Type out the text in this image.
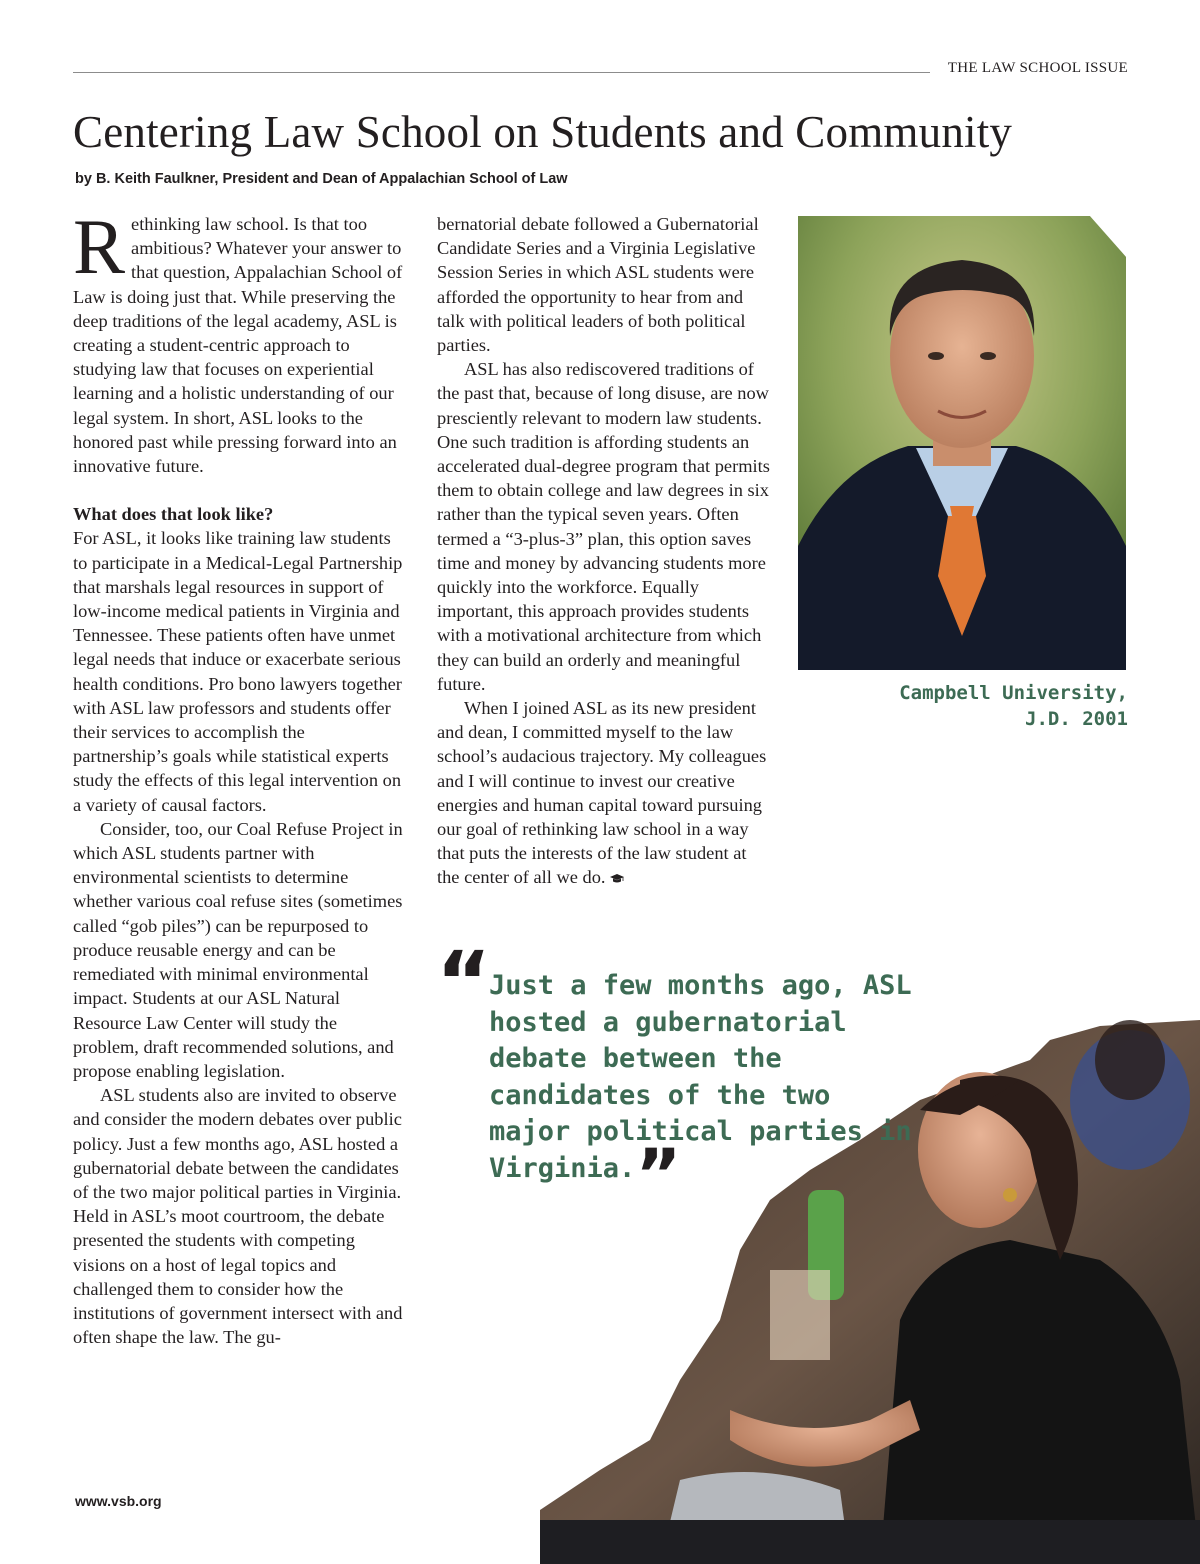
THE LAW SCHOOL ISSUE
Centering Law School on Students and Community
by B. Keith Faulkner, President and Dean of Appalachian School of Law

Rethinking law school. Is that too ambitious? Whatever your answer to that question, Appalachian School of Law is doing just that. While preserving the deep traditions of the legal academy, ASL is creating a student-centric approach to studying law that focuses on experiential learning and a holistic understanding of our legal system. In short, ASL looks to the honored past while pressing forward into an innovative future.

What does that look like?

For ASL, it looks like training law students to participate in a Medical-Legal Partnership that marshals legal resources in support of low-income medical patients in Virginia and Tennessee. These patients often have unmet legal needs that induce or exacerbate serious health conditions. Pro bono lawyers together with ASL law professors and students offer their services to accomplish the partnership’s goals while statistical experts study the effects of this legal intervention on a variety of causal factors.

Consider, too, our Coal Refuse Project in which ASL students partner with environmental scientists to determine whether various coal refuse sites (sometimes called “gob piles”) can be repurposed to produce reusable energy and can be remediated with minimal environmental impact. Students at our ASL Natural Resource Law Center will study the problem, draft recommended solutions, and propose enabling legislation.

ASL students also are invited to observe and consider the modern debates over public policy. Just a few months ago, ASL hosted a gubernatorial debate between the candidates of the two major political parties in Virginia. Held in ASL’s moot courtroom, the debate presented the students with competing visions on a host of legal topics and challenged them to consider how the institutions of government intersect with and often shape the law. The gu-

bernatorial debate followed a Gubernatorial Candidate Series and a Virginia Legislative Session Series in which ASL students were afforded the opportunity to hear from and talk with political leaders of both political parties.

ASL has also rediscovered traditions of the past that, because of long disuse, are now presciently relevant to modern law students. One such tradition is affording students an accelerated dual-degree program that permits them to obtain college and law degrees in six rather than the typical seven years. Often termed a “3-plus-3” plan, this option saves time and money by advancing students more quickly into the workforce. Equally important, this approach provides students with a motivational architecture from which they can build an orderly and meaningful future.

When I joined ASL as its new president and dean, I committed myself to the law school’s audacious trajectory. My colleagues and I will continue to invest our creative energies and human capital toward pursuing our goal of rethinking law school in a way that puts the interests of the law student at the center of all we do.

Campbell University,
J.D. 2001
“
Just a few months ago, ASL hosted a gubernatorial debate between the candidates of the two major political parties in Virginia.”
www.vsb.org
